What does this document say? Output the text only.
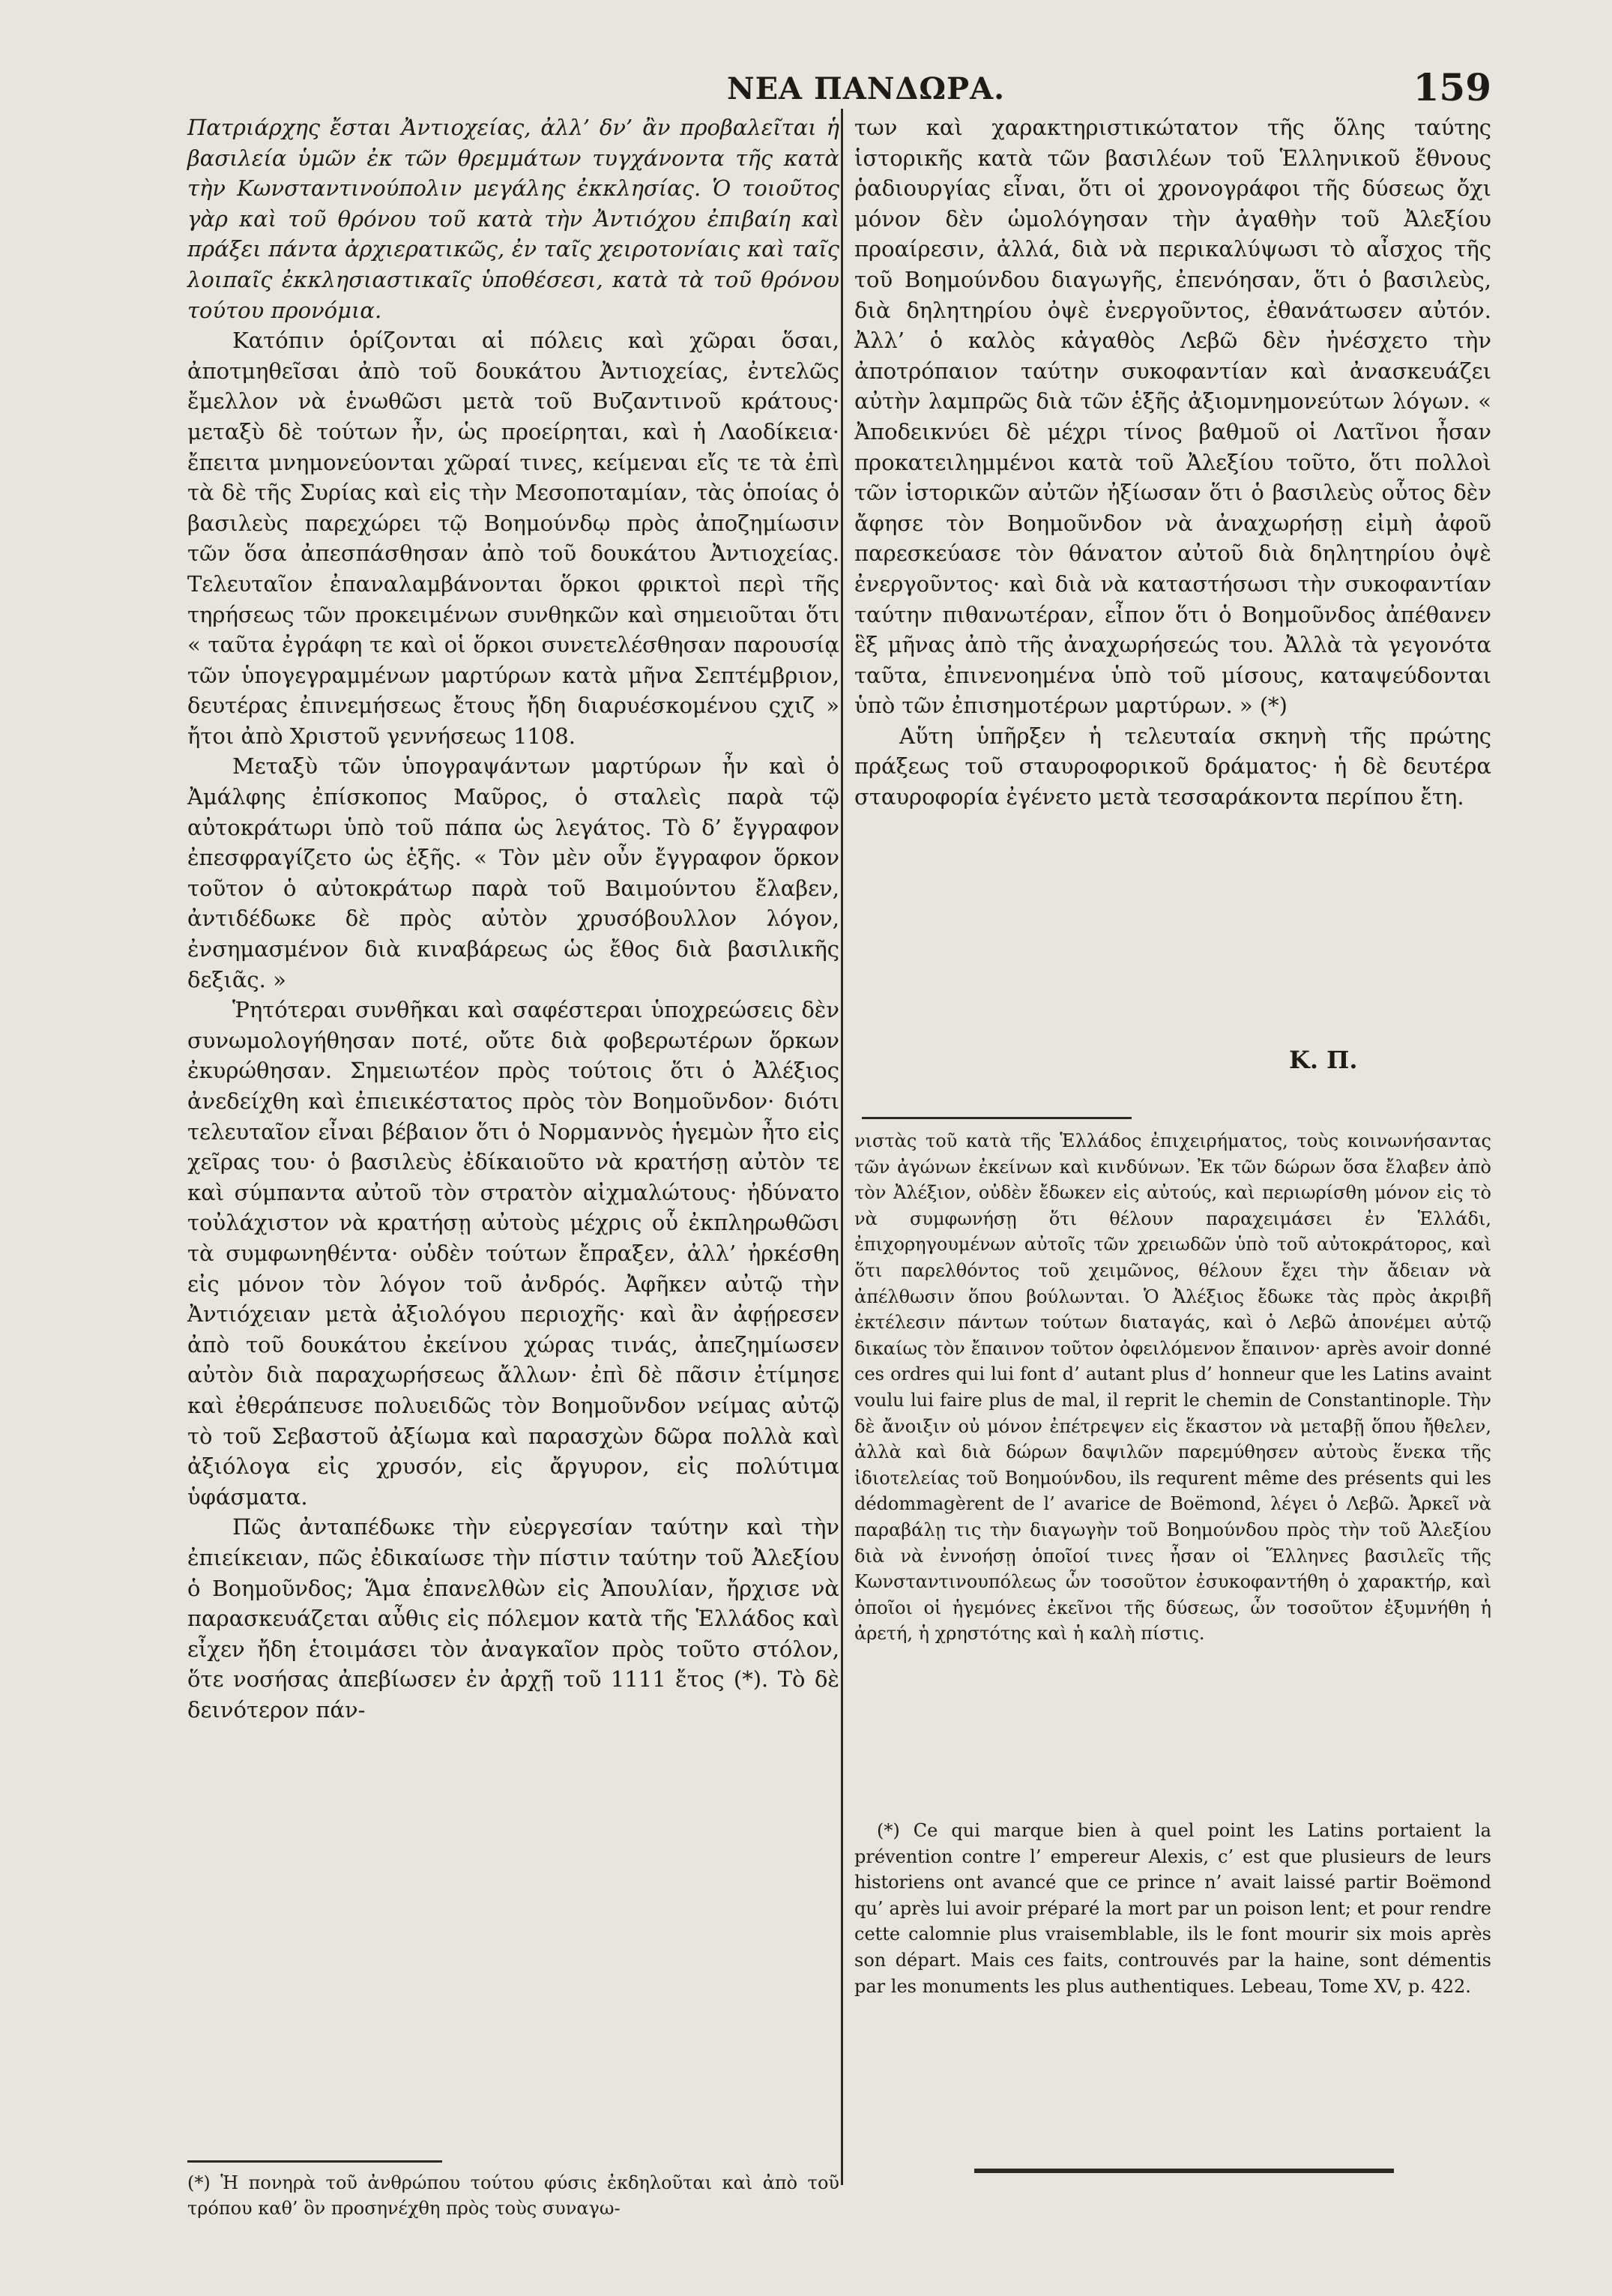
ΝΕΑ ΠΑΝΔΩΡΑ.	159

Πατριάρχης ἔσται Ἀντιοχείας, ἀλλ’ δν’ ἂν προβαλεῖται ἡ βασιλεία ὑμῶν ἐκ τῶν θρεμμάτων τυγχάνοντα τῆς κατὰ τὴν Κωνσταντινούπολιν μεγάλης ἐκκλησίας. Ὁ τοιοῦτος γὰρ καὶ τοῦ θρόνου τοῦ κατὰ τὴν Ἀντιόχου ἐπιβαίη καὶ πράξει πάντα ἀρχιερατικῶς, ἐν ταῖς χειροτονίαις καὶ ταῖς λοιπαῖς ἐκκλησιαστικαῖς ὑποθέσεσι, κατὰ τὰ τοῦ θρόνου τούτου προνόμια.

Κατόπιν ὁρίζονται αἱ πόλεις καὶ χῶραι ὅσαι, ἀποτμηθεῖσαι ἀπὸ τοῦ δουκάτου Ἀντιοχείας, ἐντελῶς ἔμελλον νὰ ἑνωθῶσι μετὰ τοῦ Βυζαντινοῦ κράτους· μεταξὺ δὲ τούτων ἦν, ὡς προείρηται, καὶ ἡ Λαοδίκεια· ἔπειτα μνημονεύονται χῶραί τινες, κείμεναι εἴς τε τὰ ἐπὶ τὰ δὲ τῆς Συρίας καὶ εἰς τὴν Μεσοποταμίαν, τὰς ὁποίας ὁ βασιλεὺς παρεχώρει τῷ Βοημούνδῳ πρὸς ἀποζημίωσιν τῶν ὅσα ἀπεσπάσθησαν ἀπὸ τοῦ δουκάτου Ἀντιοχείας. Τελευταῖον ἐπαναλαμβάνονται ὅρκοι φρικτοὶ περὶ τῆς τηρήσεως τῶν προκειμένων συνθηκῶν καὶ σημειοῦται ὅτι « ταῦτα ἐγράφη τε καὶ οἱ ὅρκοι συνετελέσθησαν παρουσίᾳ τῶν ὑπογεγραμμένων μαρτύρων κατὰ μῆνα Σεπτέμβριον, δευτέρας ἐπινεμήσεως ἔτους ἤδη διαρυέσκομένου ςχιζ » ἤτοι ἀπὸ Χριστοῦ γεννήσεως 1108.

Μεταξὺ τῶν ὑπογραψάντων μαρτύρων ἦν καὶ ὁ Ἀμάλφης ἐπίσκοπος Μαῦρος, ὁ σταλεὶς παρὰ τῷ αὐτοκράτωρι ὑπὸ τοῦ πάπα ὡς λεγάτος. Τὸ δ’ ἔγγραφον ἐπεσφραγίζετο ὡς ἑξῆς. « Τὸν μὲν οὖν ἔγγραφον ὅρκον τοῦτον ὁ αὐτοκράτωρ παρὰ τοῦ Βαιμούντου ἔλαβεν, ἀντιδέδωκε δὲ πρὸς αὐτὸν χρυσόβουλλον λόγον, ἐνσημασμένον διὰ κιναβάρεως ὡς ἔθος διὰ βασιλικῆς δεξιᾶς. »

Ῥητότεραι συνθῆκαι καὶ σαφέστεραι ὑποχρεώσεις δὲν συνωμολογήθησαν ποτέ, οὔτε διὰ φοβερωτέρων ὅρκων ἐκυρώθησαν. Σημειωτέον πρὸς τούτοις ὅτι ὁ Ἀλέξιος ἀνεδείχθη καὶ ἐπιεικέστατος πρὸς τὸν Βοημοῦνδον· διότι τελευταῖον εἶναι βέβαιον ὅτι ὁ Νορμαννὸς ἡγεμὼν ἦτο εἰς χεῖρας του· ὁ βασιλεὺς ἐδίκαιοῦτο νὰ κρατήσῃ αὐτὸν τε καὶ σύμπαντα αὐτοῦ τὸν στρατὸν αἰχμαλώτους· ἠδύνατο τοὐλάχιστον νὰ κρατήσῃ αὐτοὺς μέχρις οὗ ἐκπληρωθῶσι τὰ συμφωνηθέντα· οὐδὲν τούτων ἔπραξεν, ἀλλ’ ἠρκέσθη εἰς μόνον τὸν λόγον τοῦ ἀνδρός. Ἀφῆκεν αὐτῷ τὴν Ἀντιόχειαν μετὰ ἀξιολόγου περιοχῆς· καὶ ἂν ἀφῄρεσεν ἀπὸ τοῦ δουκάτου ἐκείνου χώρας τινάς, ἀπεζημίωσεν αὐτὸν διὰ παραχωρήσεως ἄλλων· ἐπὶ δὲ πᾶσιν ἐτίμησε καὶ ἐθεράπευσε πολυειδῶς τὸν Βοημοῦνδον νείμας αὐτῷ τὸ τοῦ Σεβαστοῦ ἀξίωμα καὶ παρασχὼν δῶρα πολλὰ καὶ ἀξιόλογα εἰς χρυσόν, εἰς ἄργυρον, εἰς πολύτιμα ὑφάσματα.

Πῶς ἀνταπέδωκε τὴν εὐεργεσίαν ταύτην καὶ τὴν ἐπιείκειαν, πῶς ἐδικαίωσε τὴν πίστιν ταύτην τοῦ Ἀλεξίου ὁ Βοημοῦνδος; Ἅμα ἐπανελθὼν εἰς Ἀπουλίαν, ἤρχισε νὰ παρασκευάζεται αὖθις εἰς πόλεμον κατὰ τῆς Ἑλλάδος καὶ εἶχεν ἤδη ἑτοιμάσει τὸν ἀναγκαῖον πρὸς τοῦτο στόλον, ὅτε νοσήσας ἀπεβίωσεν ἐν ἀρχῇ τοῦ 1111 ἔτος (*). Τὸ δὲ δεινότερον πάν-

(*) Ἡ πονηρὰ τοῦ ἀνθρώπου τούτου φύσις ἐκδηλοῦται καὶ ἀπὸ τοῦ τρόπου καθ’ ὃν προσηνέχθη πρὸς τοὺς συναγω-

των καὶ χαρακτηριστικώτατον τῆς ὅλης ταύτης ἱστορικῆς κατὰ τῶν βασιλέων τοῦ Ἑλληνικοῦ ἔθνους ῥαδιουργίας εἶναι, ὅτι οἱ χρονογράφοι τῆς δύσεως ὄχι μόνον δὲν ὡμολόγησαν τὴν ἀγαθὴν τοῦ Ἀλεξίου προαίρεσιν, ἀλλά, διὰ νὰ περικαλύψωσι τὸ αἶσχος τῆς τοῦ Βοημούνδου διαγωγῆς, ἐπενόησαν, ὅτι ὁ βασιλεὺς, διὰ δηλητηρίου ὀψὲ ἐνεργοῦντος, ἐθανάτωσεν αὐτόν. Ἀλλ’ ὁ καλὸς κἀγαθὸς Λεβῶ δὲν ἠνέσχετο τὴν ἀποτρόπαιον ταύτην συκοφαντίαν καὶ ἀνασκευάζει αὐτὴν λαμπρῶς διὰ τῶν ἑξῆς ἀξιομνημονεύτων λόγων. « Ἀποδεικνύει δὲ μέχρι τίνος βαθμοῦ οἱ Λατῖνοι ἦσαν προκατειλημμένοι κατὰ τοῦ Ἀλεξίου τοῦτο, ὅτι πολλοὶ τῶν ἱστορικῶν αὐτῶν ἠξίωσαν ὅτι ὁ βασιλεὺς οὗτος δὲν ἄφησε τὸν Βοημοῦνδον νὰ ἀναχωρήσῃ εἰμὴ ἀφοῦ παρεσκεύασε τὸν θάνατον αὐτοῦ διὰ δηλητηρίου ὀψὲ ἐνεργοῦντος· καὶ διὰ νὰ καταστήσωσι τὴν συκοφαντίαν ταύτην πιθανωτέραν, εἶπον ὅτι ὁ Βοημοῦνδος ἀπέθανεν ἓξ μῆνας ἀπὸ τῆς ἀναχωρήσεώς του. Ἀλλὰ τὰ γεγονότα ταῦτα, ἐπινενοημένα ὑπὸ τοῦ μίσους, καταψεύδονται ὑπὸ τῶν ἐπισημοτέρων μαρτύρων. » (*)

Αὕτη ὑπῆρξεν ἡ τελευταία σκηνὴ τῆς πρώτης πράξεως τοῦ σταυροφορικοῦ δράματος· ἡ δὲ δευτέρα σταυροφορία ἐγένετο μετὰ τεσσαράκοντα περίπου ἔτη.

Κ. Π.

νιστὰς τοῦ κατὰ τῆς Ἑλλάδος ἐπιχειρήματος, τοὺς κοινωνήσαντας τῶν ἀγώνων ἐκείνων καὶ κινδύνων. Ἐκ τῶν δώρων ὅσα ἔλαβεν ἀπὸ τὸν Ἀλέξιον, οὐδὲν ἔδωκεν εἰς αὐτούς, καὶ περιωρίσθη μόνον εἰς τὸ νὰ συμφωνήσῃ ὅτι θέλουν παραχειμάσει ἐν Ἑλλάδι, ἐπιχορηγουμένων αὐτοῖς τῶν χρειωδῶν ὑπὸ τοῦ αὐτοκράτορος, καὶ ὅτι παρελθόντος τοῦ χειμῶνος, θέλουν ἔχει τὴν ἄδειαν νὰ ἀπέλθωσιν ὅπου βούλωνται. Ὁ Ἀλέξιος ἔδωκε τὰς πρὸς ἀκριβῆ ἐκτέλεσιν πάντων τούτων διαταγάς, καὶ ὁ Λεβῶ ἀπονέμει αὐτῷ δικαίως τὸν ἔπαινον τοῦτον ὀφειλόμενον ἔπαινον· après avoir donné ces ordres qui lui font d’ autant plus d’ honneur que les Latins avaint voulu lui faire plus de mal, il reprit le chemin de Constantinople. Τὴν δὲ ἄνοιξιν οὐ μόνον ἐπέτρεψεν εἰς ἕκαστον νὰ μεταβῇ ὅπου ἤθελεν, ἀλλὰ καὶ διὰ δώρων δαψιλῶν παρεμύθησεν αὐτοὺς ἕνεκα τῆς ἰδιοτελείας τοῦ Βοημούνδου, ils requrent même des présents qui les dédommagèrent de l’ avarice de Boëmond, λέγει ὁ Λεβῶ. Ἀρκεῖ νὰ παραβάλῃ τις τὴν διαγωγὴν τοῦ Βοημούνδου πρὸς τὴν τοῦ Ἀλεξίου διὰ νὰ ἐννοήσῃ ὁποῖοί τινες ἦσαν οἱ Ἕλληνες βασιλεῖς τῆς Κωνσταντινουπόλεως ὧν τοσοῦτον ἐσυκοφαντήθη ὁ χαρακτήρ, καὶ ὁποῖοι οἱ ἡγεμόνες ἐκεῖνοι τῆς δύσεως, ὧν τοσοῦτον ἐξυμνήθη ἡ ἀρετή, ἡ χρηστότης καὶ ἡ καλὴ πίστις.

(*) Ce qui marque bien à quel point les Latins portaient la prévention contre l’ empereur Alexis, c’ est que plusieurs de leurs historiens ont avancé que ce prince n’ avait laissé partir Boëmond qu’ après lui avoir préparé la mort par un poison lent; et pour rendre cette calomnie plus vraisemblable, ils le font mourir six mois après son départ. Mais ces faits, controuvés par la haine, sont démentis par les monuments les plus authentiques. Lebeau, Tome XV, p. 422.
